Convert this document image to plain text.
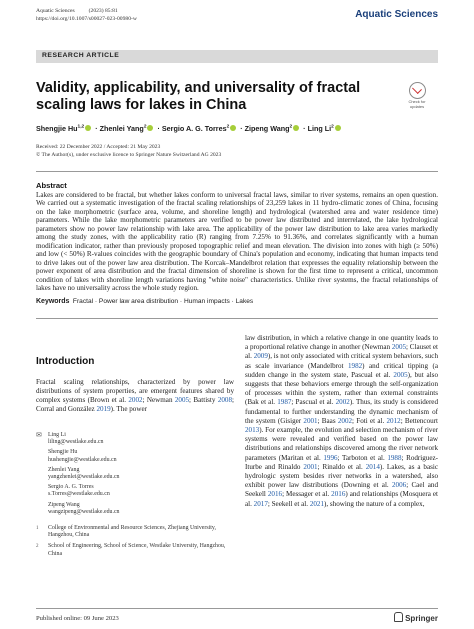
Aquatic Sciences          (2023) 85:81
https://doi.org/10.1007/s00027-023-00980-w	Aquatic Sciences
RESEARCH ARTICLE
Check for
updates
Validity, applicability, and universality of fractal scaling laws for lakes in China
Shengjie Hu$^{1,2}$ · Zhenlei Yang$^2$ · Sergio A. G. Torres$^2$ · Zipeng Wang$^2$ · Ling Li$^2$
Received: 22 December 2022 / Accepted: 21 May 2023
© The Author(s), under exclusive licence to Springer Nature Switzerland AG 2023
Abstract
Lakes are considered to be fractal, but whether lakes conform to universal fractal laws, similar to river systems, remains an open question. We carried out a systematic investigation of the fractal scaling relationships of 23,259 lakes in 11 hydro-climatic zones of China, focusing on the lake morphometric (surface area, volume, and shoreline length) and hydrological (watershed area and water residence time) parameters. While the lake morphometric parameters are verified to be power law distributed and interrelated, the lake hydrological parameters show no power law relationship with lake area. The applicability of the power law distribution to lake area varies markedly among the study zones, with the applicability ratio (R) ranging from 7.25% to 91.36%, and correlates significantly with a human modification indicator, rather than previously proposed topographic relief and mean elevation. The division into zones with high (≥ 50%) and low (< 50%) R-values coincides with the geographic boundary of China's population and economy, indicating that human impacts tend to drive lakes out of the power law area distribution. The Korcak–Mandelbrot relation that expresses the equality relationship between the power exponent of area distribution and the fractal dimension of shoreline is shown for the first time to represent a critical, uncommon condition of lakes with shoreline length variations having "white noise" characteristics. Unlike river systems, the fractal relationships of lakes have no universality across the whole study region.
Keywords Fractal · Power law area distribution · Human impacts · Lakes
Introduction
Fractal scaling relationships, characterized by power law distributions of system properties, are emergent features shared by complex systems (Brown et al. 2002; Newman 2005; Battisty 2008; Corral and González 2019). The power
law distribution, in which a relative change in one quantity leads to a proportional relative change in another (Newman 2005; Clauset et al. 2009), is not only associated with critical system behaviors, such as scale invariance (Mandelbrot 1982) and critical tipping (a sudden change in the system state, Pascual et al. 2005), but also suggests that these behaviors emerge through the self-organization of processes within the system, rather than external constraints (Bak et al. 1987; Pascual et al. 2002). Thus, its study is considered fundamental to further understanding the dynamic mechanism of the system (Gisiger 2001; Baas 2002; Foti et al. 2012; Bettencourt 2013). For example, the evolution and selection mechanism of river systems were revealed and verified based on the power law distributions and relationships discovered among the river network parameters (Maritan et al. 1996; Tarboton et al. 1988; Rodriguez-Iturbe and Rinaldo 2001; Rinaldo et al. 2014). Lakes, as a basic hydrologic system besides river networks in a watershed, also exhibit power law distributions (Downing et al. 2006; Cael and Seekell 2016; Messager et al. 2016) and relationships (Mosquera et al. 2017; Seekell et al. 2021), showing the nature of a complex,
✉	Ling Li
liling@westlake.edu.cn
Shengjie Hu
hushengjie@westlake.edu.cn
Zhenlei Yang
yangzhenlei@westlake.edu.cn
Sergio A. G. Torres
s.Torres@westlake.edu.cn
Zipeng Wang
wangzipeng@westlake.edu.cn
1	College of Environmental and Resource Sciences, Zhejiang University, Hangzhou, China
2	School of Engineering, School of Science, Westlake University, Hangzhou, China
Published online: 09 June 2023	Springer
